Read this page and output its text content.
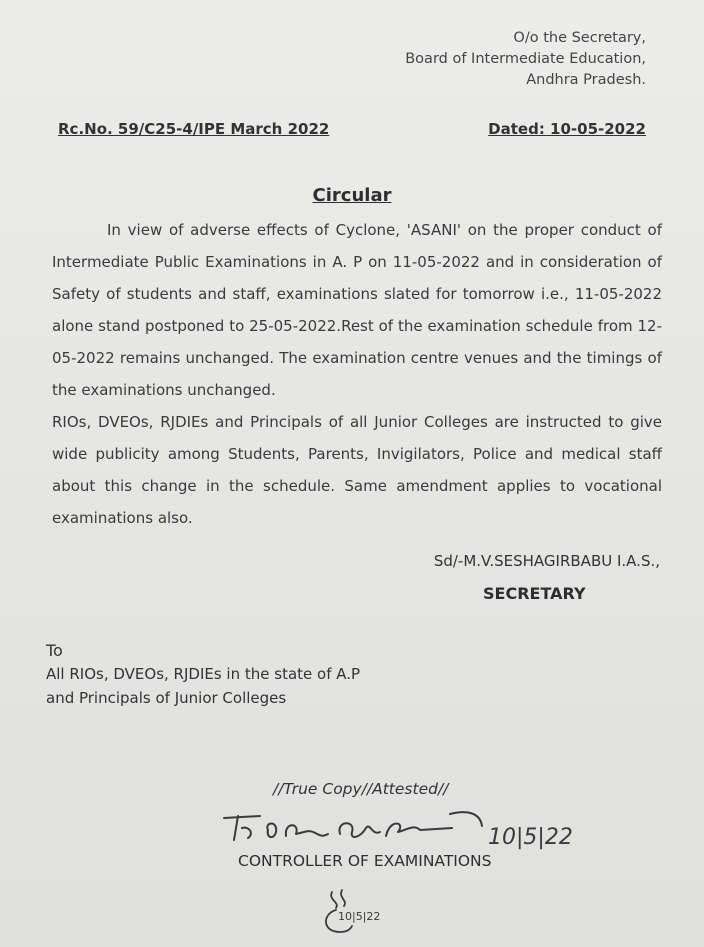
O/o the Secretary,
Board of Intermediate Education,
Andhra Pradesh.
Rc.No. 59/C25-4/IPE March 2022	Dated: 10-05-2022
Circular
In view of adverse effects of Cyclone, 'ASANI' on the proper conduct of Intermediate Public Examinations in A. P on 11-05-2022 and in consideration of Safety of students and staff, examinations slated for tomorrow i.e., 11-05-2022 alone stand postponed to 25-05-2022.Rest of the examination schedule from 12-05-2022 remains unchanged. The examination centre venues and the timings of the examinations unchanged.
RIOs, DVEOs, RJDIEs and Principals of all Junior Colleges are instructed to give wide publicity among Students, Parents, Invigilators, Police and medical staff about this change in the schedule. Same amendment applies to vocational examinations also.
Sd/-M.V.SESHAGIRBABU I.A.S.,
SECRETARY
To
All RIOs, DVEOs, RJDIEs in the state of A.P
and Principals of Junior Colleges
//True Copy//Attested//
10|5|22
CONTROLLER OF EXAMINATIONS
10|5|22
